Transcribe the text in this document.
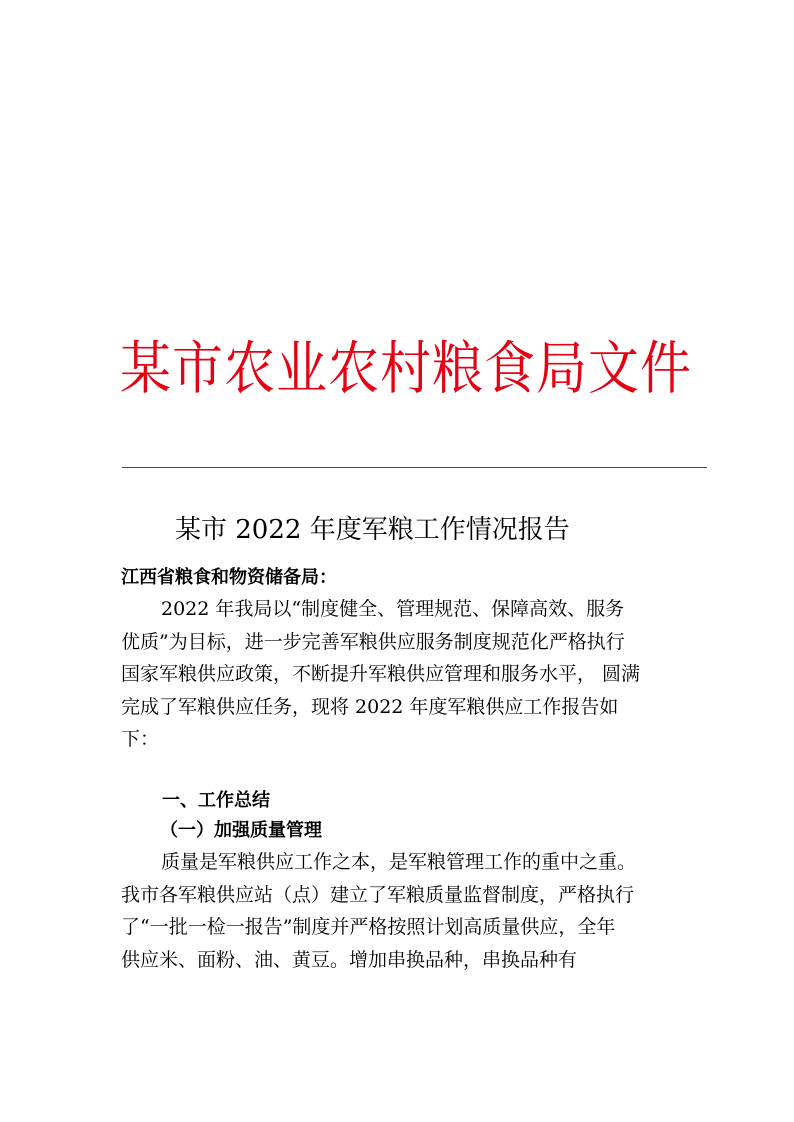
某市农业农村粮食局文件
某市 2022 年度军粮工作情况报告
江西省粮食和物资储备局：
2022 年我局以“制度健全、管理规范、保障高效、服务
优质”为目标，进一步完善军粮供应服务制度规范化严格执行
国家军粮供应政策，不断提升军粮供应管理和服务水平， 圆满
完成了军粮供应任务，现将 2022 年度军粮供应工作报告如
下：
一、工作总结
（一）加强质量管理
质量是军粮供应工作之本，是军粮管理工作的重中之重。
我市各军粮供应站（点）建立了军粮质量监督制度，严格执行
了“一批一检一报告”制度并严格按照计划高质量供应，全年
供应米、面粉、油、黄豆。增加串换品种，串换品种有
